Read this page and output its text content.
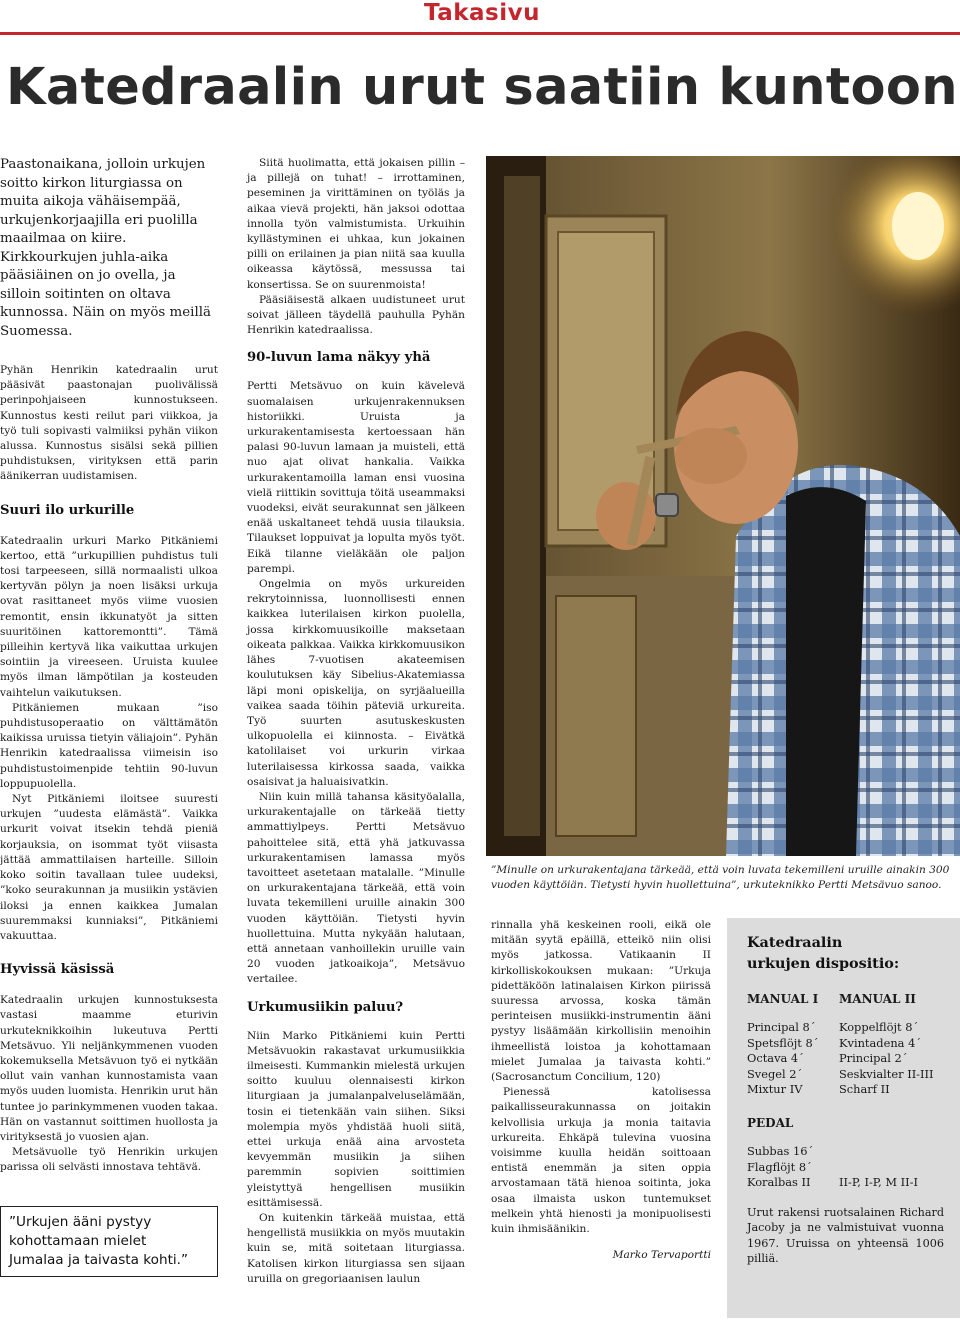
Takasivu
Katedraalin urut saatiin kuntoon

Paastonaikana, jolloin urkujen soitto kirkon liturgiassa on muita aikoja vähäisempää, urkujenkorjaajilla eri puolilla maailmaa on kiire. Kirkkourkujen juhla-aika pääsiäinen on jo ovella, ja silloin soitinten on oltava kunnossa. Näin on myös meillä Suomessa.

Pyhän Henrikin katedraalin urut pääsivät paastonajan puolivälissä perinpohjaiseen kunnostukseen. Kunnostus kesti reilut pari viikkoa, ja työ tuli sopivasti valmiiksi pyhän viikon alussa. Kunnostus sisälsi sekä pillien puhdistuksen, virityksen että parin äänikerran uudistamisen.

Suuri ilo urkurille

Katedraalin urkuri Marko Pitkäniemi kertoo, että ”urkupillien puhdistus tuli tosi tarpeeseen, sillä normaalisti ulkoa kertyvän pölyn ja noen lisäksi urkuja ovat rasittaneet myös viime vuosien remontit, ensin ikkunatyöt ja sitten suuritöinen kattoremontti”. Tämä pilleihin kertyvä lika vaikuttaa urkujen sointiin ja vireeseen. Uruista kuulee myös ilman lämpötilan ja kosteuden vaihtelun vaikutuksen.

Pitkäniemen mukaan ”iso puhdistusoperaatio on välttämätön kaikissa uruissa tietyin väliajoin”. Pyhän Henrikin katedraalissa viimeisin iso puhdistustoimenpide tehtiin 90-luvun loppupuolella.

Nyt Pitkäniemi iloitsee suuresti urkujen ”uudesta elämästä”. Vaikka urkurit voivat itsekin tehdä pieniä korjauksia, on isommat työt viisasta jättää ammattilaisen harteille. Silloin koko soitin tavallaan tulee uudeksi, ”koko seurakunnan ja musiikin ystävien iloksi ja ennen kaikkea Jumalan suuremmaksi kunniaksi”, Pitkäniemi vakuuttaa.

Hyvissä käsissä

Katedraalin urkujen kunnostuksesta vastasi maamme eturivin urkuteknikkoihin lukeutuva Pertti Metsävuo. Yli neljänkymmenen vuoden kokemuksella Metsävuon työ ei nytkään ollut vain vanhan kunnostamista vaan myös uuden luomista. Henrikin urut hän tuntee jo parinkymmenen vuoden takaa. Hän on vastannut soittimen huollosta ja virityksestä jo vuosien ajan.

Metsävuolle työ Henrikin urkujen parissa oli selvästi innostava tehtävä.

”Urkujen ääni pystyy
kohottamaan mielet
Jumalaa ja taivasta kohti.”

Siitä huolimatta, että jokaisen pillin – ja pillejä on tuhat! – irrottaminen, peseminen ja virittäminen on työläs ja aikaa vievä projekti, hän jaksoi odottaa innolla työn valmistumista. Urkuihin kyllästyminen ei uhkaa, kun jokainen pilli on erilainen ja pian niitä saa kuulla oikeassa käytössä, messussa tai konsertissa. Se on suurenmoista!

Pääsiäisestä alkaen uudistuneet urut soivat jälleen täydellä pauhulla Pyhän Henrikin katedraalissa.

90-luvun lama näkyy yhä

Pertti Metsävuo on kuin kävelevä suomalaisen urkujenrakennuksen historiikki. Uruista ja urkurakentamisesta kertoessaan hän palasi 90-luvun lamaan ja muisteli, että nuo ajat olivat hankalia. Vaikka urkurakentamoilla laman ensi vuosina vielä riittikin sovittuja töitä useammaksi vuodeksi, eivät seurakunnat sen jälkeen enää uskaltaneet tehdä uusia tilauksia. Tilaukset loppuivat ja lopulta myös työt. Eikä tilanne vieläkään ole paljon parempi.

Ongelmia on myös urkureiden rekrytoinnissa, luonnollisesti ennen kaikkea luterilaisen kirkon puolella, jossa kirkkomuusikoille maksetaan oikeata palkkaa. Vaikka kirkkomuusikon lähes 7-vuotisen akateemisen koulutuksen käy Sibelius-Akatemiassa läpi moni opiskelija, on syrjäalueilla vaikea saada töihin päteviä urkureita. Työ suurten asutuskeskusten ulkopuolella ei kiinnosta. – Eivätkä katolilaiset voi urkurin virkaa luterilaisessa kirkossa saada, vaikka osaisivat ja haluaisivatkin.

Niin kuin millä tahansa käsityöalalla, urkurakentajalle on tärkeää tietty ammattiylpeys. Pertti Metsävuo pahoittelee sitä, että yhä jatkuvassa urkurakentamisen lamassa myös tavoitteet asetetaan matalalle. ”Minulle on urkurakentajana tärkeää, että voin luvata tekemilleni uruille ainakin 300 vuoden käyttöiän. Tietysti hyvin huollettuina. Mutta nykyään halutaan, että annetaan vanhoillekin uruille vain 20 vuoden jatkoaikoja”, Metsävuo vertailee.

Urkumusiikin paluu?

Niin Marko Pitkäniemi kuin Pertti Metsävuokin rakastavat urkumusiikkia ilmeisesti. Kummankin mielestä urkujen soitto kuuluu olennaisesti kirkon liturgiaan ja jumalanpalveluselämään, tosin ei tietenkään vain siihen. Siksi molempia myös yhdistää huoli siitä, ettei urkuja enää aina arvosteta kevyemmän musiikin ja siihen paremmin sopivien soittimien yleistyttyä hengellisen musiikin esittämisessä.

On kuitenkin tärkeää muistaa, että hengellistä musiikkia on myös muutakin kuin se, mitä soitetaan liturgiassa. Katolisen kirkon liturgiassa sen sijaan uruilla on gregoriaanisen laulun

”Minulle on urkurakentajana tärkeää, että voin luvata tekemilleni uruille ainakin 300 vuoden käyttöiän. Tietysti hyvin huollettuina”, urkuteknikko Pertti Metsävuo sanoo.

rinnalla yhä keskeinen rooli, eikä ole mitään syytä epäillä, etteikö niin olisi myös jatkossa. Vatikaanin II kirkolliskokouksen mukaan: ”Urkuja pidettäköön latinalaisen Kirkon piirissä suuressa arvossa, koska tämän perinteisen musiikki-instrumentin ääni pystyy lisäämään kirkollisiin menoihin ihmeellistä loistoa ja kohottamaan mielet Jumalaa ja taivasta kohti.” (Sacrosanctum Concilium, 120)

Pienessä katolisessa paikallisseurakunnassa on joitakin kelvollisia urkuja ja monia taitavia urkureita. Ehkäpä tulevina vuosina voisimme kuulla heidän soittoaan entistä enemmän ja siten oppia arvostamaan tätä hienoa soitinta, joka osaa ilmaista uskon tuntemukset melkein yhtä hienosti ja monipuolisesti kuin ihmisäänikin.

Marko Tervaportti
Katedraalin
urkujen dispositio:
MANUAL I	MANUAL II
Principal 8´	Koppelflöjt 8´
Spetsflöjt 8´	Kvintadena 4´
Octava 4´	Principal 2´
Svegel 2´	Seskvialter II-III
Mixtur IV	Scharf II
PEDAL
Subbas 16´
Flagflöjt 8´
Koralbas II	II-P, I-P, M II-I

Urut rakensi ruotsalainen Richard Jacoby ja ne valmistuivat vuonna 1967. Uruissa on yhteensä 1006 pilliä.
